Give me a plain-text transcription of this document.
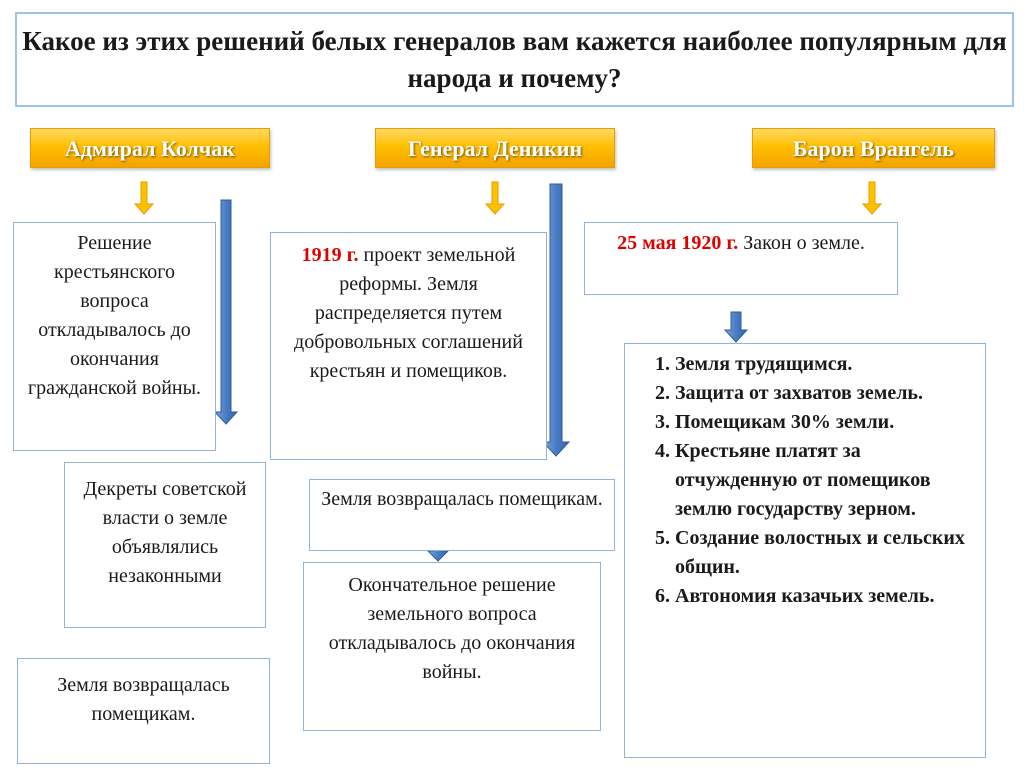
Какое из этих решений белых генералов вам кажется наиболее популярным для народа и почему?
Адмирал Колчак	Генерал Деникин	Барон Врангель
Решение крестьянского вопроса откладывалось до окончания гражданской войны.
Декреты советской власти о земле объявлялись незаконными
Земля возвращалась помещикам.
1919 г. проект земельной реформы. Земля распределяется путем добровольных соглашений крестьян и помещиков.
Земля возвращалась помещикам.
Окончательное решение земельного вопроса откладывалось до окончания войны.
25 мая 1920 г. Закон о земле.
1. Земля трудящимся.
2. Защита от захватов земель.
3. Помещикам 30% земли.
4. Крестьяне платят за отчужденную от помещиков землю государству зерном.
5. Создание волостных и сельских общин.
6. Автономия казачьих земель.
